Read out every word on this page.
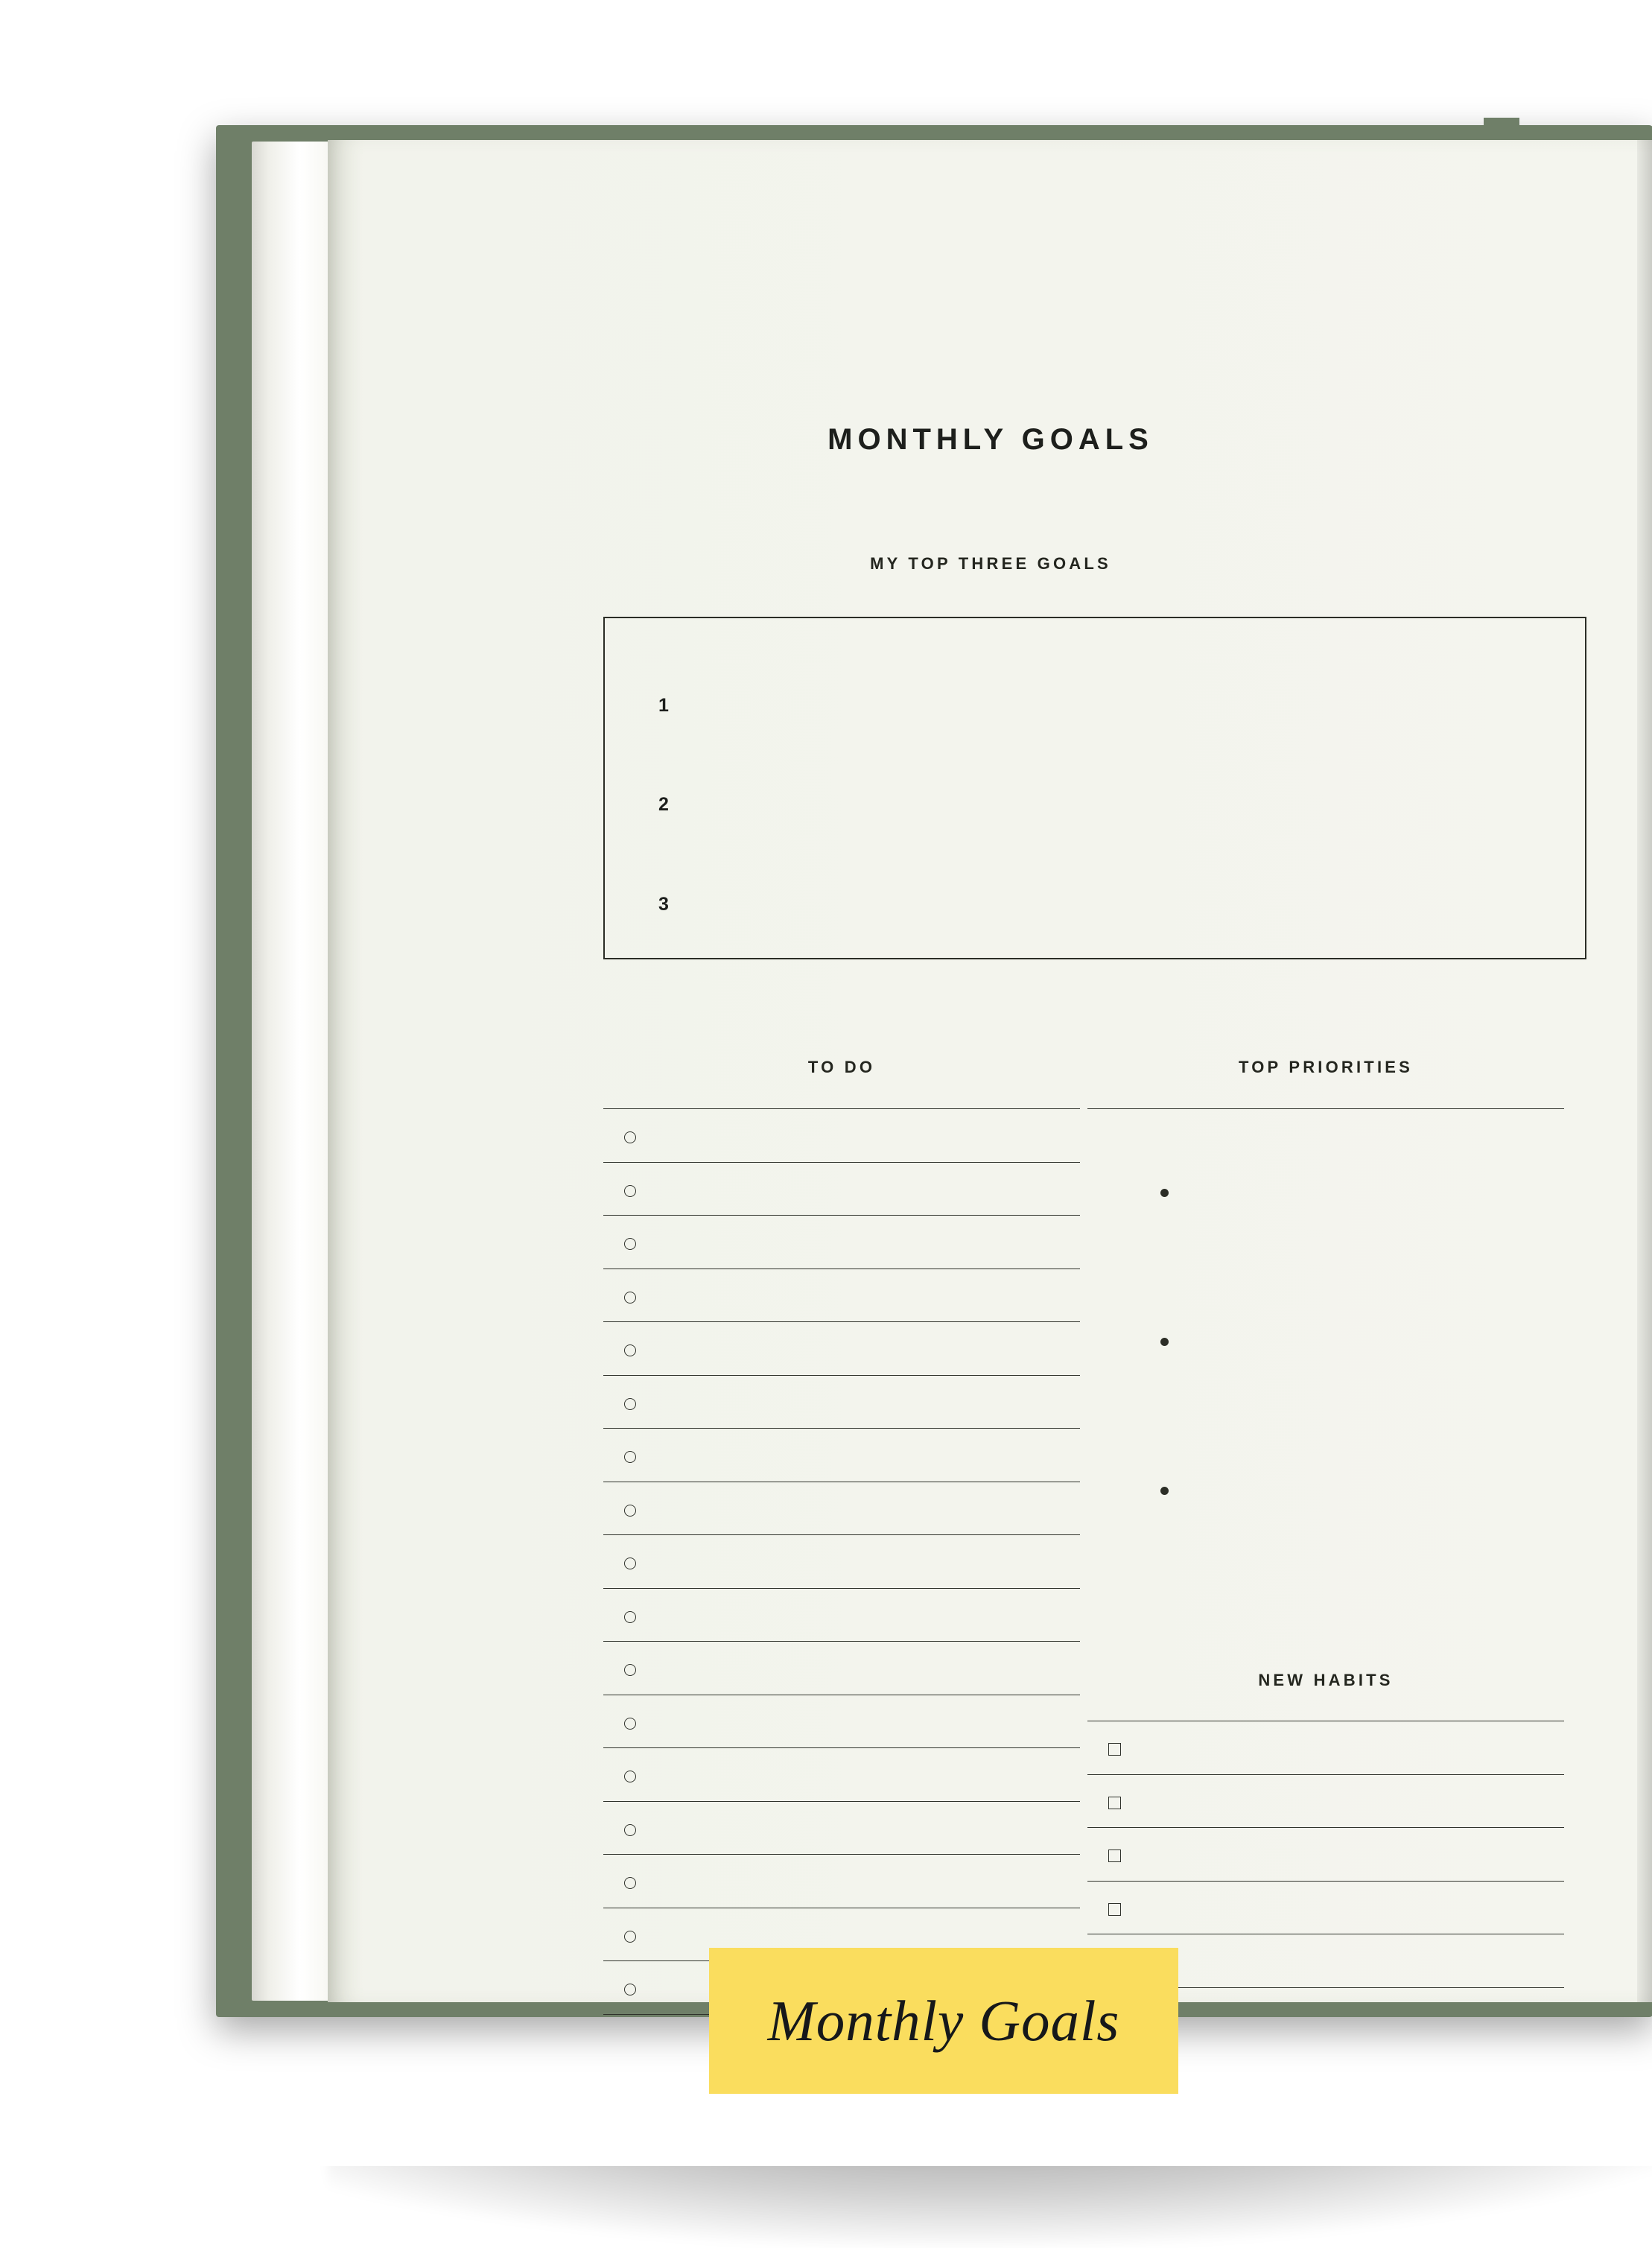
MONTHLY GOALS
MY TOP THREE GOALS
1
2
3
TO DO	TOP PRIORITIES
NEW HABITS
Monthly Goals
